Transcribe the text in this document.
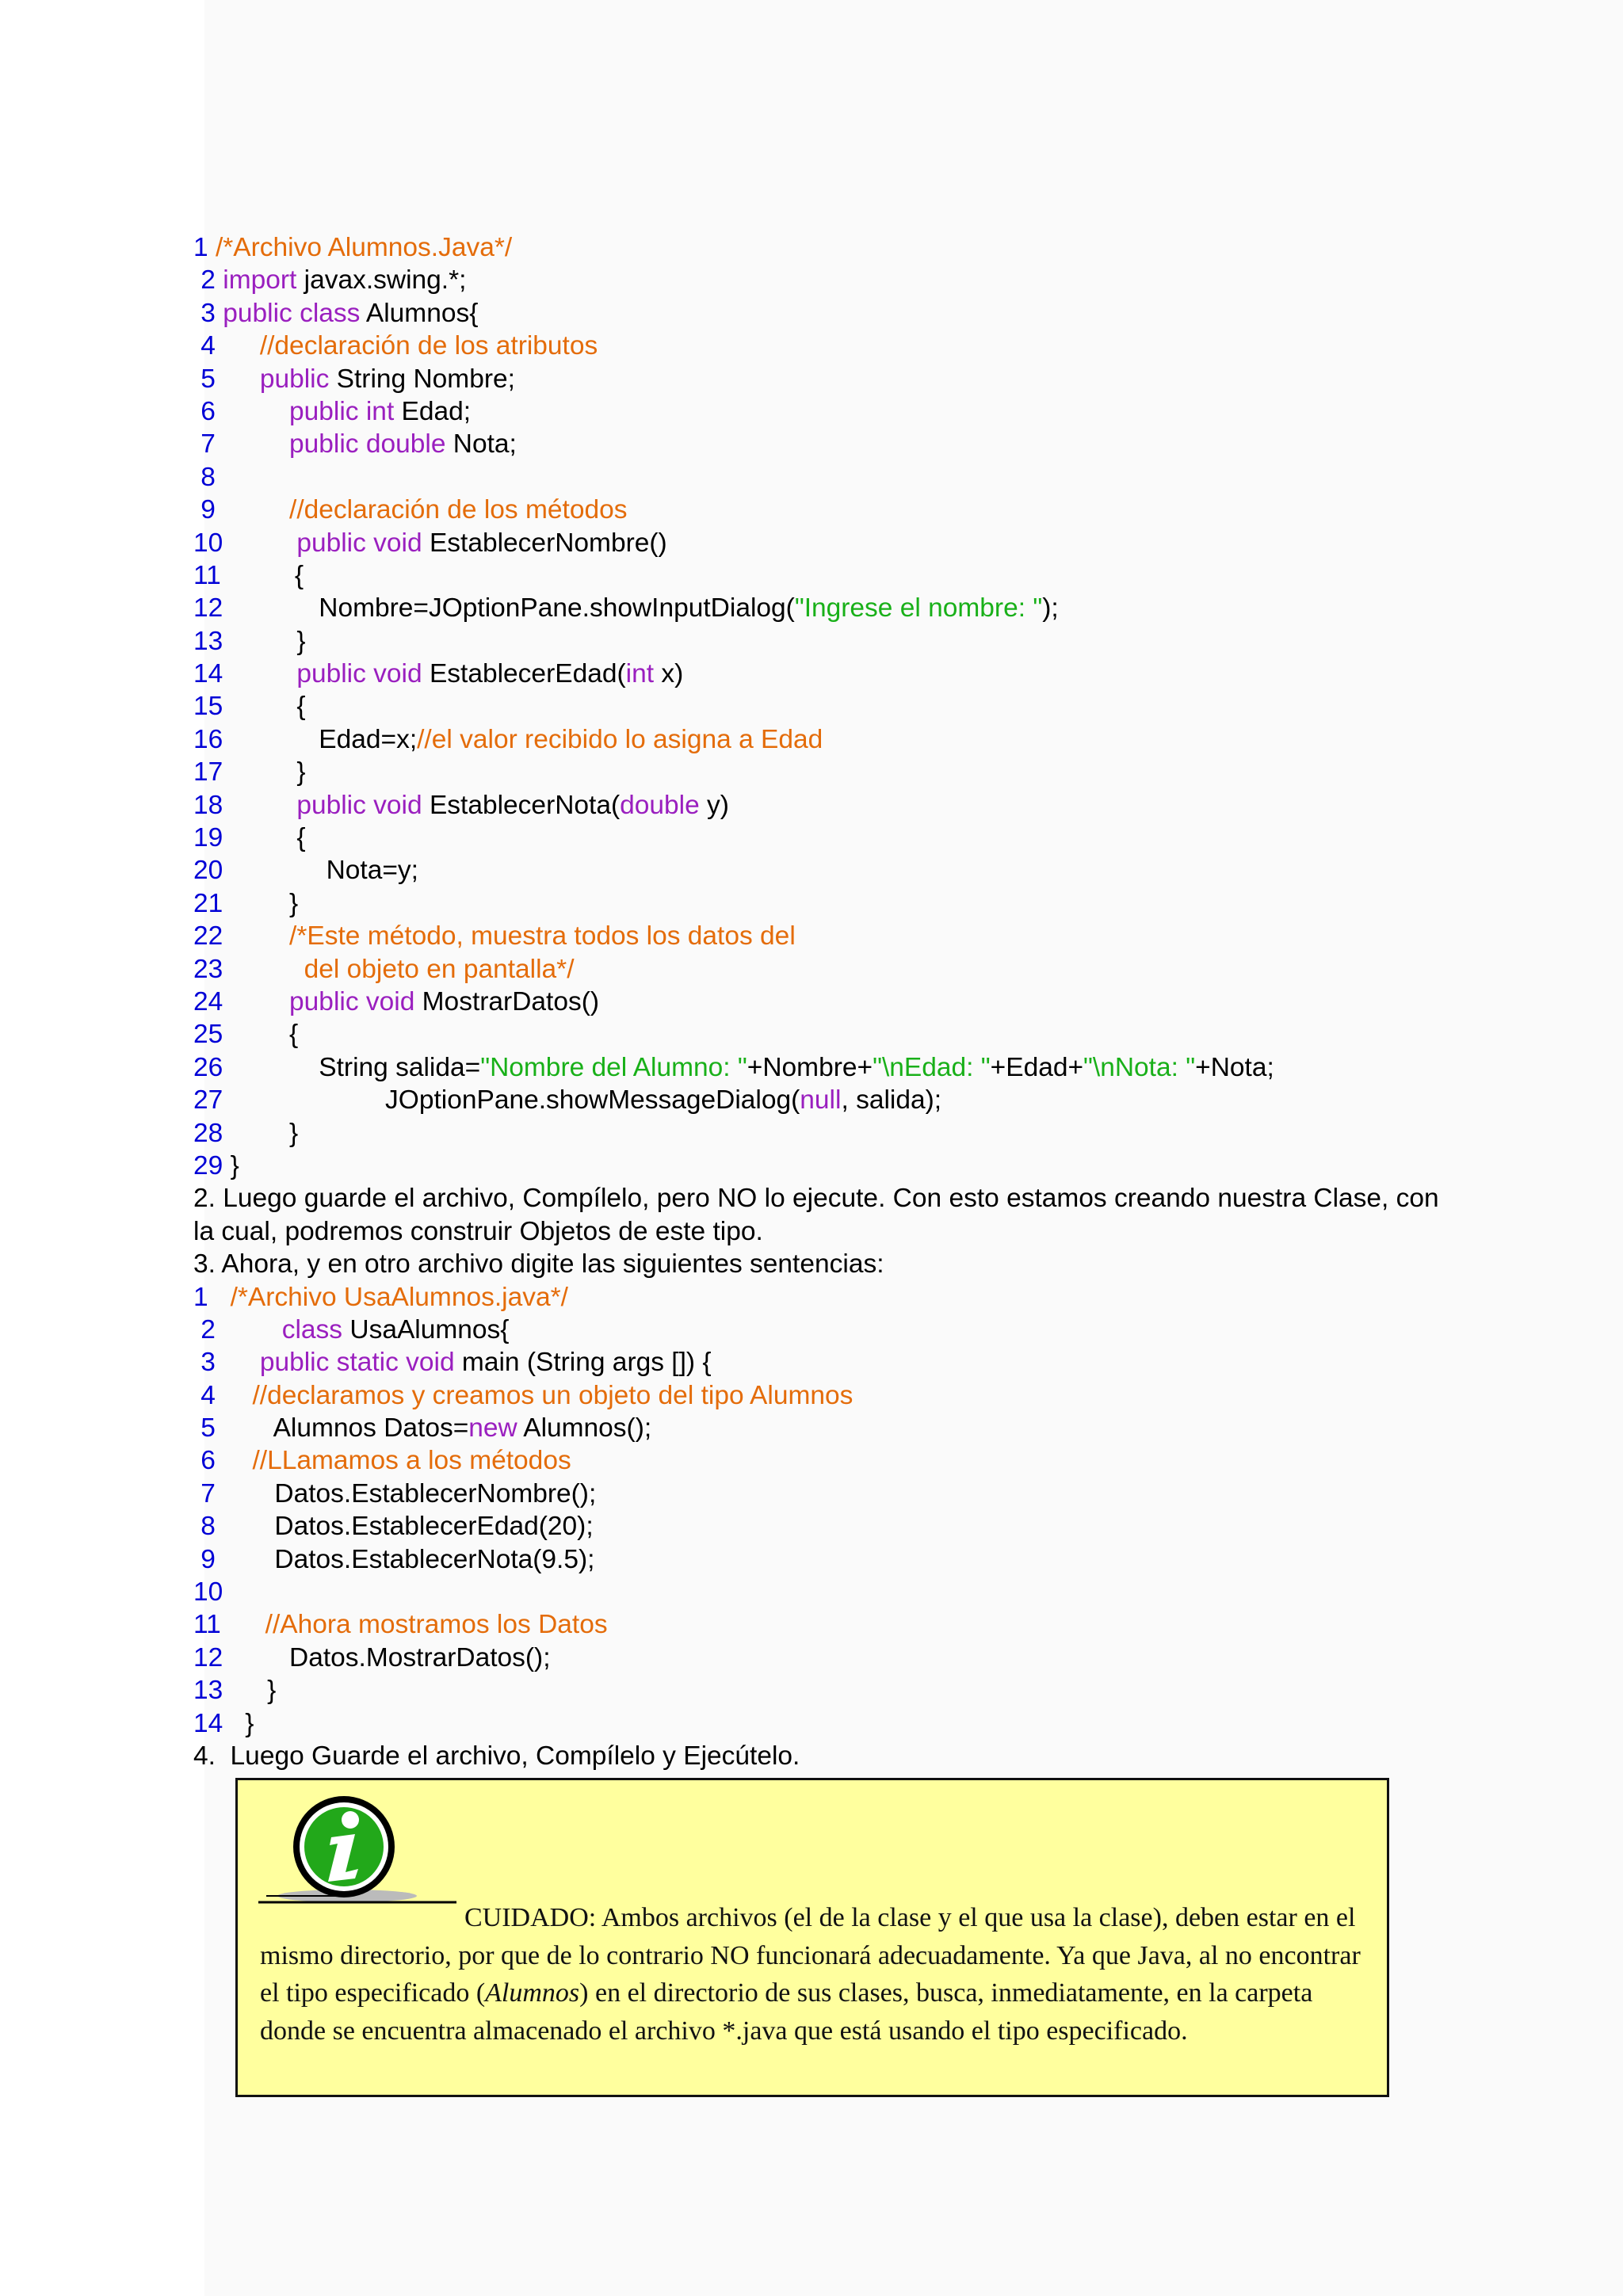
1 /*Archivo Alumnos.Java*/
2 import javax.swing.*;
3 public class Alumnos{
4 //declaración de los atributos
5 public String Nombre;
6	public int Edad;
7	public double Nota;
8
9	//declaración de los métodos
10	public void EstablecerNombre()
11          {
12             Nombre=JOptionPane.showInputDialog("Ingrese el nombre: ");
13          }
14	public void EstablecerEdad(int x)
15          {
16             Edad=x;//el valor recibido lo asigna a Edad
17          }
18	public void EstablecerNota(double y)
19          {
20              Nota=y;
21         }
22	/*Este método, muestra todos los datos del
23	del objeto en pantalla*/
24	public void MostrarDatos()
25         {
26             String salida="Nombre del Alumno: "+Nombre+"\nEdad: "+Edad+"\nNota: "+Nota;
27                      JOptionPane.showMessageDialog(null, salida);
28         }
29 }
2. Luego guarde el archivo, Compílelo, pero NO lo ejecute. Con esto estamos creando nuestra Clase, con la cual, podremos construir Objetos de este tipo.
3. Ahora, y en otro archivo digite las siguientes sentencias:
1 /*Archivo UsaAlumnos.java*/
2	class UsaAlumnos{
3 public static void main (String args []) {
4 //declaramos y creamos un objeto del tipo Alumnos
5        Alumnos Datos=new Alumnos();
6 //LLamamos a los métodos
7        Datos.EstablecerNombre();
8        Datos.EstablecerEdad(20);
9        Datos.EstablecerNota(9.5);
10
11 //Ahora mostramos los Datos
12         Datos.MostrarDatos();
13      }
14   }
4.  Luego Guarde el archivo, Compílelo y Ejecútelo.
CUIDADO: Ambos archivos (el de la clase y el que usa la clase), deben estar en el mismo directorio, por que de lo contrario NO funcionará adecuadamente. Ya que Java, al no encontrar el tipo especificado (Alumnos) en el directorio de sus clases, busca, inmediatamente, en la carpeta donde se encuentra almacenado el archivo *.java que está usando el tipo especificado.
